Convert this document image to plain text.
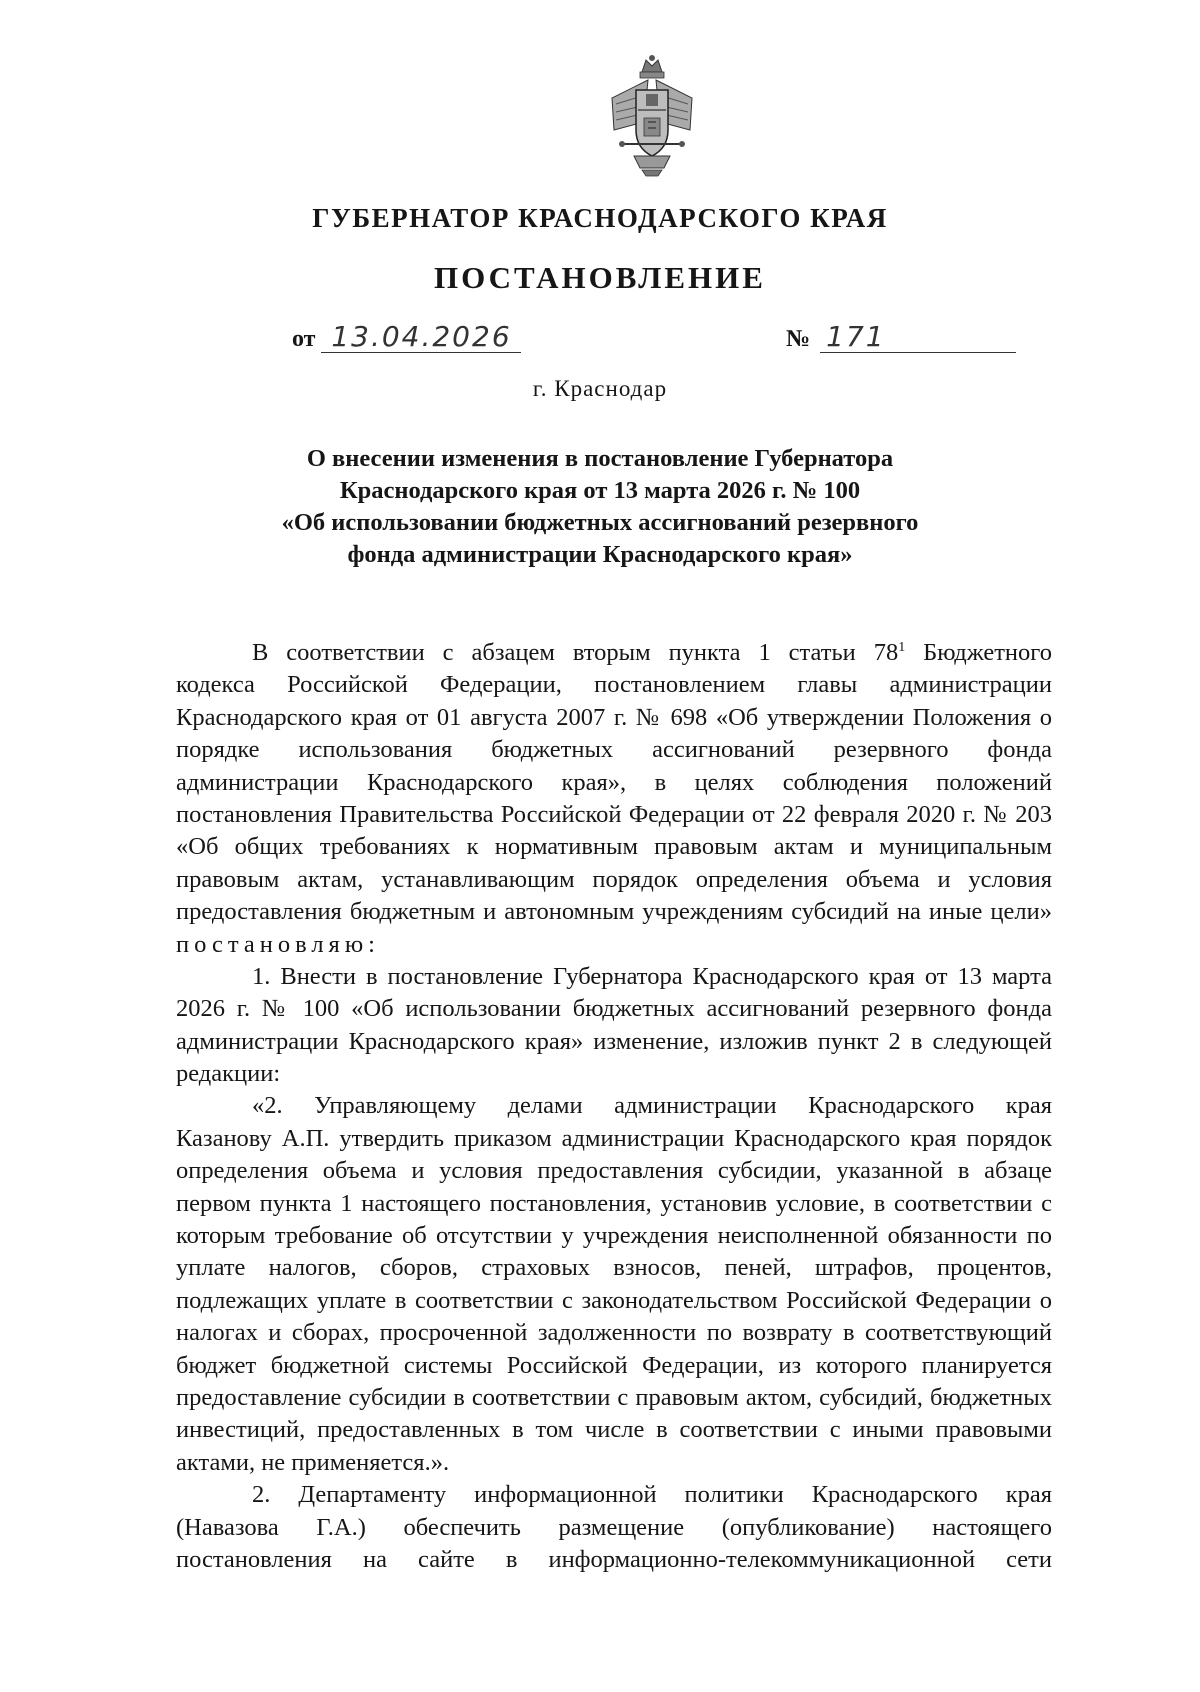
ГУБЕРНАТОР КРАСНОДАРСКОГО КРАЯ
ПОСТАНОВЛЕНИЕ
от 13.04.2026	№ 171
г. Краснодар
О внесении изменения в постановление Губернатора
Краснодарского края от 13 марта 2026 г. № 100
«Об использовании бюджетных ассигнований резервного
фонда администрации Краснодарского края»
В соответствии с абзацем вторым пункта 1 статьи $78^1$ Бюджетного
кодекса Российской Федерации, постановлением главы администрации
Краснодарского края от 01 августа 2007 г. № 698 «Об утверждении Положения о
порядке использования бюджетных ассигнований резервного фонда
администрации Краснодарского края», в целях соблюдения положений
постановления Правительства Российской Федерации от 22 февраля 2020 г. № 203
«Об общих требованиях к нормативным правовым актам и муниципальным
правовым актам, устанавливающим порядок определения объема и условия
предоставления бюджетным и автономным учреждениям субсидий на иные цели»
постановляю:
1. Внести в постановление Губернатора Краснодарского края от 13 марта
2026 г. № 100 «Об использовании бюджетных ассигнований резервного фонда
администрации Краснодарского края» изменение, изложив пункт 2 в следующей
редакции:
«2. Управляющему делами администрации Краснодарского края
Казанову А.П. утвердить приказом администрации Краснодарского края порядок
определения объема и условия предоставления субсидии, указанной в абзаце
первом пункта 1 настоящего постановления, установив условие, в соответствии с
которым требование об отсутствии у учреждения неисполненной обязанности по
уплате налогов, сборов, страховых взносов, пеней, штрафов, процентов,
подлежащих уплате в соответствии с законодательством Российской Федерации о
налогах и сборах, просроченной задолженности по возврату в соответствующий
бюджет бюджетной системы Российской Федерации, из которого планируется
предоставление субсидии в соответствии с правовым актом, субсидий, бюджетных
инвестиций, предоставленных в том числе в соответствии с иными правовыми
актами, не применяется.».
2. Департаменту информационной политики Краснодарского края
(Навазова Г.А.) обеспечить размещение (опубликование) настоящего
постановления на сайте в информационно-телекоммуникационной сети
